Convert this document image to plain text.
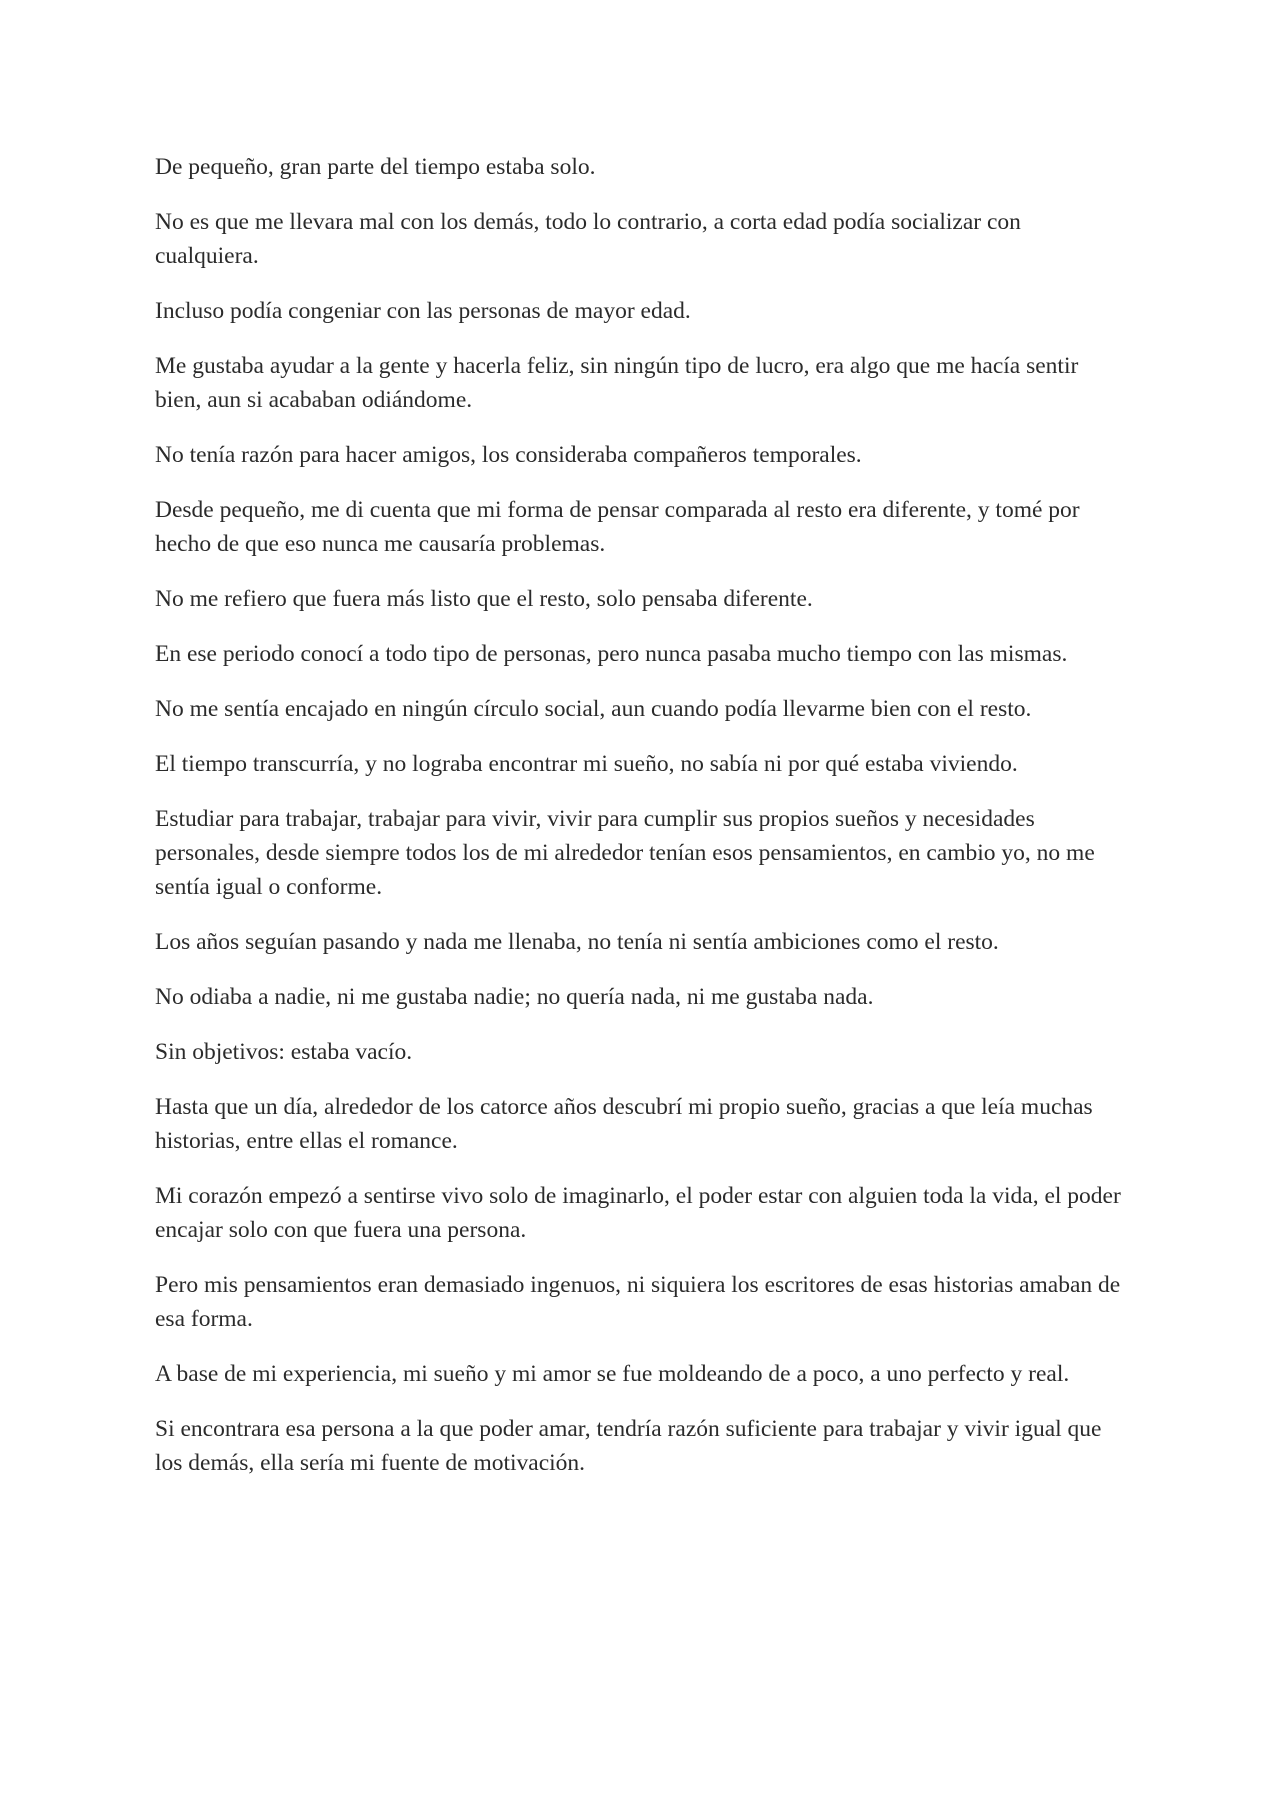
De pequeño, gran parte del tiempo estaba solo.

No es que me llevara mal con los demás, todo lo contrario, a corta edad podía socializar con cualquiera.

Incluso podía congeniar con las personas de mayor edad.

Me gustaba ayudar a la gente y hacerla feliz, sin ningún tipo de lucro, era algo que me hacía sentir bien, aun si acababan odiándome.

No tenía razón para hacer amigos, los consideraba compañeros temporales.

Desde pequeño, me di cuenta que mi forma de pensar comparada al resto era diferente, y tomé por hecho de que eso nunca me causaría problemas.

No me refiero que fuera más listo que el resto, solo pensaba diferente.

En ese periodo conocí a todo tipo de personas, pero nunca pasaba mucho tiempo con las mismas.

No me sentía encajado en ningún círculo social, aun cuando podía llevarme bien con el resto.

El tiempo transcurría, y no lograba encontrar mi sueño, no sabía ni por qué estaba viviendo.

Estudiar para trabajar, trabajar para vivir, vivir para cumplir sus propios sueños y necesidades personales, desde siempre todos los de mi alrededor tenían esos pensamientos, en cambio yo, no me sentía igual o conforme.

Los años seguían pasando y nada me llenaba, no tenía ni sentía ambiciones como el resto.

No odiaba a nadie, ni me gustaba nadie; no quería nada, ni me gustaba nada.

Sin objetivos: estaba vacío.

Hasta que un día, alrededor de los catorce años descubrí mi propio sueño, gracias a que leía muchas historias, entre ellas el romance.

Mi corazón empezó a sentirse vivo solo de imaginarlo, el poder estar con alguien toda la vida, el poder encajar solo con que fuera una persona.

Pero mis pensamientos eran demasiado ingenuos, ni siquiera los escritores de esas historias amaban de esa forma.

A base de mi experiencia, mi sueño y mi amor se fue moldeando de a poco, a uno perfecto y real.

Si encontrara esa persona a la que poder amar, tendría razón suficiente para trabajar y vivir igual que los demás, ella sería mi fuente de motivación.
